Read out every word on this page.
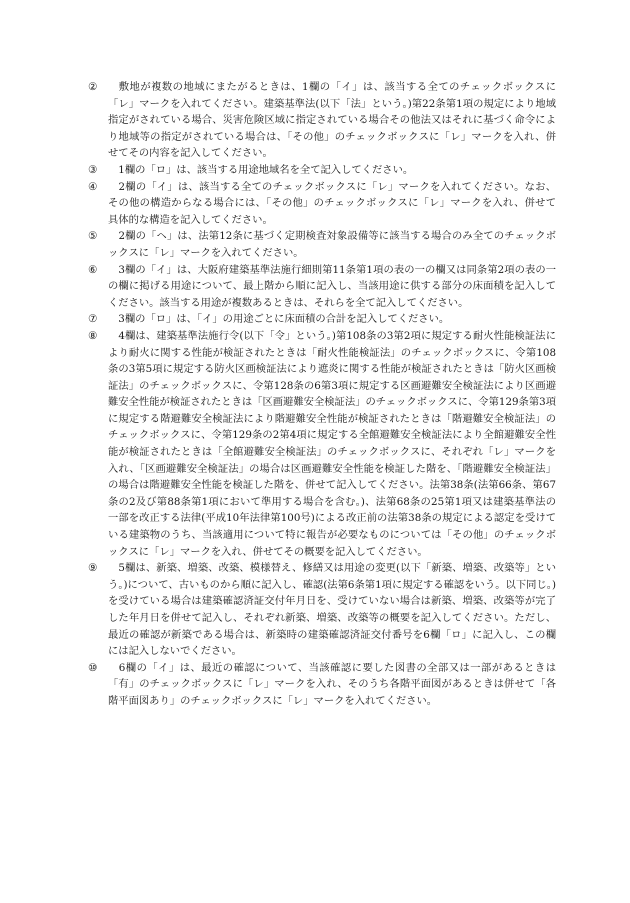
②	　敷地が複数の地域にまたがるときは、1欄の「イ」は、該当する全てのチェックボックスに「レ」マークを入れてください。建築基準法(以下「法」という。)第22条第1項の規定により地域指定がされている場合、災害危険区域に指定されている場合その他法又はそれに基づく命令により地域等の指定がされている場合は、「その他」のチェックボックスに「レ」マークを入れ、併せてその内容を記入してください。

③	　1欄の「ロ」は、該当する用途地域名を全て記入してください。

④	　2欄の「イ」は、該当する全てのチェックボックスに「レ」マークを入れてください。なお、その他の構造からなる場合には、「その他」のチェックボックスに「レ」マークを入れ、併せて具体的な構造を記入してください。

⑤	　2欄の「ヘ」は、法第12条に基づく定期検査対象設備等に該当する場合のみ全てのチェックボックスに「レ」マークを入れてください。

⑥	　3欄の「イ」は、大阪府建築基準法施行細則第11条第1項の表の一の欄又は同条第2項の表の一の欄に掲げる用途について、最上階から順に記入し、当該用途に供する部分の床面積を記入してください。該当する用途が複数あるときは、それらを全て記入してください。

⑦	　3欄の「ロ」は、「イ」の用途ごとに床面積の合計を記入してください。

⑧	　4欄は、建築基準法施行令(以下「令」という。)第108条の3第2項に規定する耐火性能検証法により耐火に関する性能が検証されたときは「耐火性能検証法」のチェックボックスに、令第108条の3第5項に規定する防火区画検証法により遮炎に関する性能が検証されたときは「防火区画検証法」のチェックボックスに、令第128条の6第3項に規定する区画避難安全検証法により区画避難安全性能が検証されたときは「区画避難安全検証法」のチェックボックスに、令第129条第3項に規定する階避難安全検証法により階避難安全性能が検証されたときは「階避難安全検証法」のチェックボックスに、令第129条の2第4項に規定する全館避難安全検証法により全館避難安全性能が検証されたときは「全館避難安全検証法」のチェックボックスに、それぞれ「レ」マークを入れ、「区画避難安全検証法」の場合は区画避難安全性能を検証した階を、「階避難安全検証法」の場合は階避難安全性能を検証した階を、併せて記入してください。法第38条(法第66条、第67条の2及び第88条第1項において準用する場合を含む。)、法第68条の25第1項又は建築基準法の一部を改正する法律(平成10年法律第100号)による改正前の法第38条の規定による認定を受けている建築物のうち、当該適用について特に報告が必要なものについては「その他」のチェックボックスに「レ」マークを入れ、併せてその概要を記入してください。

⑨	　5欄は、新築、増築、改築、模様替え、修繕又は用途の変更(以下「新築、増築、改築等」という。)について、古いものから順に記入し、確認(法第6条第1項に規定する確認をいう。以下同じ。)を受けている場合は建築確認済証交付年月日を、受けていない場合は新築、増築、改築等が完了した年月日を併せて記入し、それぞれ新築、増築、改築等の概要を記入してください。ただし、最近の確認が新築である場合は、新築時の建築確認済証交付番号を6欄「ロ」に記入し、この欄には記入しないでください。

⑩	　6欄の「イ」は、最近の確認について、当該確認に要した図書の全部又は一部があるときは「有」のチェックボックスに「レ」マークを入れ、そのうち各階平面図があるときは併せて「各階平面図あり」のチェックボックスに「レ」マークを入れてください。
